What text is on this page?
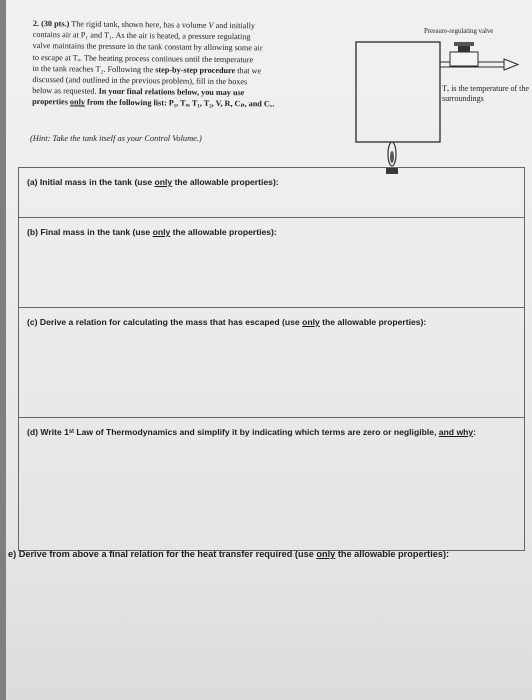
2. (30 pts.) The rigid tank, shown here, has a volume V and initially
contains air at P₁ and T₁. As the air is heated, a pressure regulating
valve maintains the pressure in the tank constant by allowing some air
to escape at Tₒ. The heating process continues until the temperature
in the tank reaches T₂. Following the step-by-step procedure that we
discussed (and outlined in the previous problem), fill in the boxes
below as requested. In your final relations below, you may use
properties only from the following list: P₁, Tₒ, T₁, T₂, V, R, Cₚ, and Cᵥ.
(Hint: Take the tank itself as your Control Volume.)
Pressure-regulating valve
Tₒ is the temperature of the surroundings
(a) Initial mass in the tank (use only the allowable properties):
(b) Final mass in the tank (use only the allowable properties):
(c) Derive a relation for calculating the mass that has escaped (use only the allowable properties):
(d) Write 1ˢᵗ Law of Thermodynamics and simplify it by indicating which terms are zero or negligible, and why:
e) Derive from above a final relation for the heat transfer required (use only the allowable properties):
